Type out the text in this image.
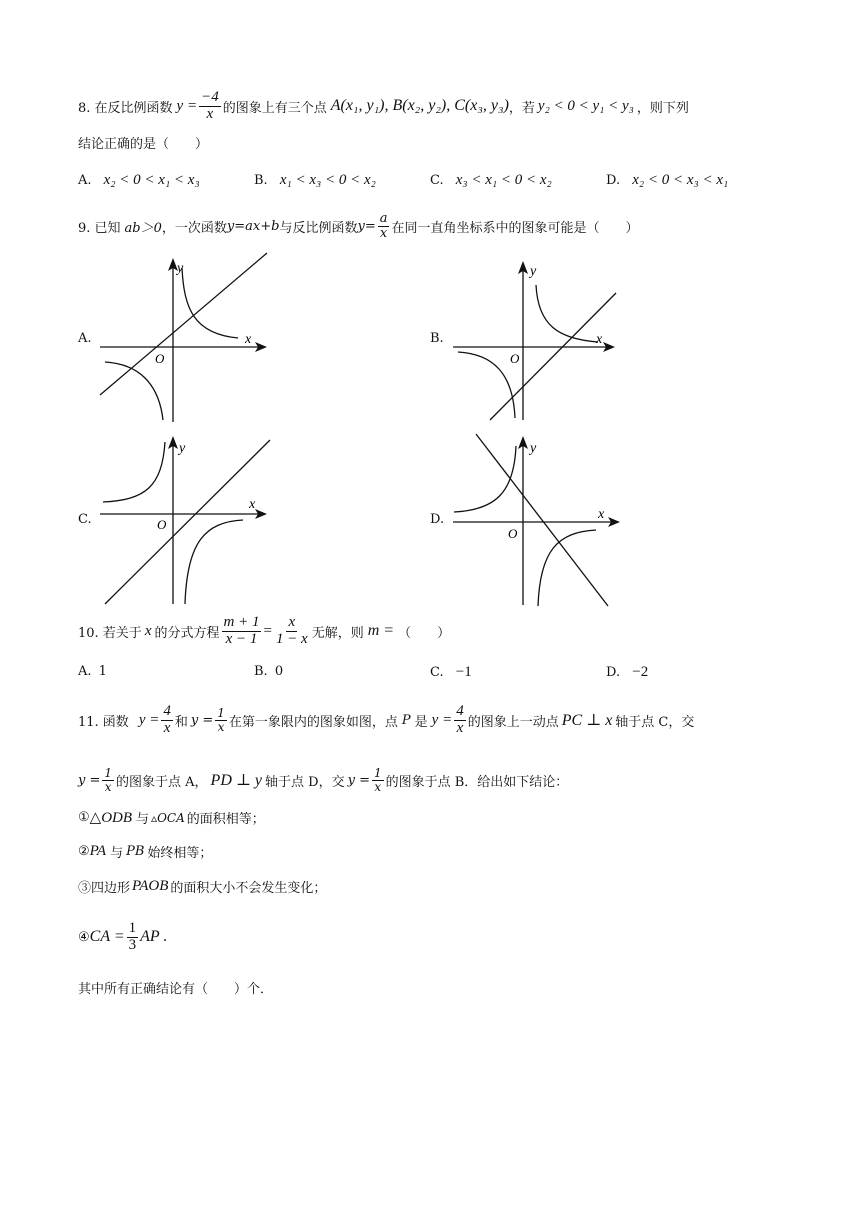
8. 在反比例函数 $y = \frac{-4}{x}$ 的图象上有三个点 A(x₁, y₁), B(x₂, y₂), C(x₃, y₃) ，若 y₂ < 0 < y₁ < y₃ ，则下列
结论正确的是（　　）
A. x₂ < 0 < x₁ < x₃	B. x₁ < x₃ < 0 < x₂	C. x₃ < x₁ < 0 < x₂	D. x₂ < 0 < x₃ < x₁
9. 已知 ab＞0 ，一次函数 y=ax+b 与反比例函数 $y= \frac{a}{x}$ 在同一直角坐标系中的图象可能是（　　）
A.	x
y
O
B.	x
y
O
C.
x
y
O	D.	x
y
O
10. 若关于 x 的分式方程 $\frac{m + 1}{x - 1} = \frac{x}{1 - x}$ 无解，则 m = （　　）
A. 1	B. 0	C. −1	D. −2
11. 函数 $y = \frac{4}{x}$ 和 $y = \frac{1}{x}$ 在第一象限内的图象如图，点 P 是 $y = \frac{4}{x}$ 的图象上一动点 PC ⊥ x 轴于点 C，交
$y = \frac{1}{x}$ 的图象于点 A， PD ⊥ y 轴于点 D，交 $y = \frac{1}{x}$ 的图象于点 B．给出如下结论：
① △ODB 与 ▵OCA 的面积相等；
② PA 与 PB 始终相等；
③四边形 PAOB 的面积大小不会发生变化；
④ CA = $\frac{1}{3}$ AP .
其中所有正确结论有（　　）个．
